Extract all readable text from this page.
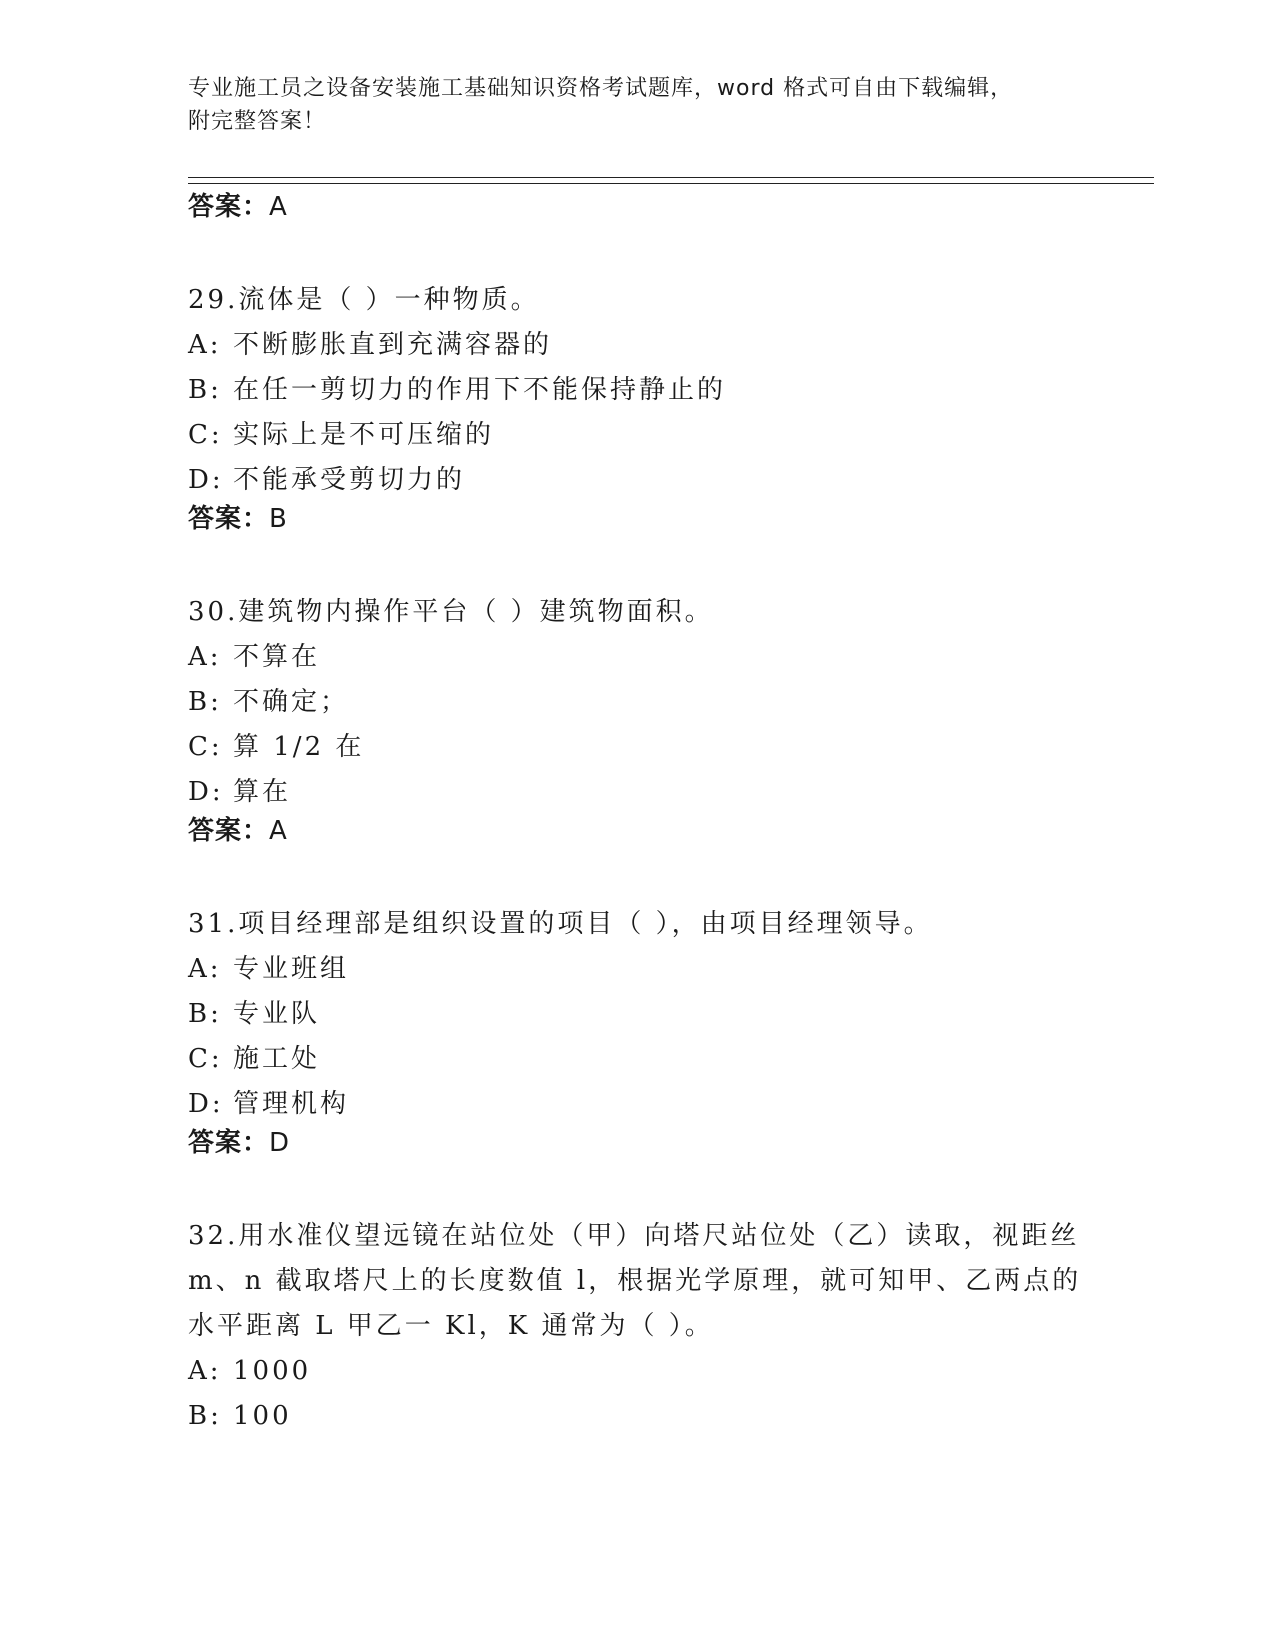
专业施工员之设备安装施工基础知识资格考试题库，word 格式可自由下载编辑，
附完整答案！
答案：A
29.流体是（ ）一种物质。
A: 不断膨胀直到充满容器的
B: 在任一剪切力的作用下不能保持静止的
C: 实际上是不可压缩的
D: 不能承受剪切力的
答案：B
30.建筑物内操作平台（ ）建筑物面积。
A: 不算在
B: 不确定；
C: 算 1/2 在
D: 算在
答案：A
31.项目经理部是组织设置的项目（ ），由项目经理领导。
A: 专业班组
B: 专业队
C: 施工处
D: 管理机构
答案：D
32.用水准仪望远镜在站位处（甲）向塔尺站位处（乙）读取，视距丝
m、n 截取塔尺上的长度数值 l，根据光学原理，就可知甲、乙两点的
水平距离 L 甲乙一 Kl，K 通常为（ ）。
A: 1000
B: 100
